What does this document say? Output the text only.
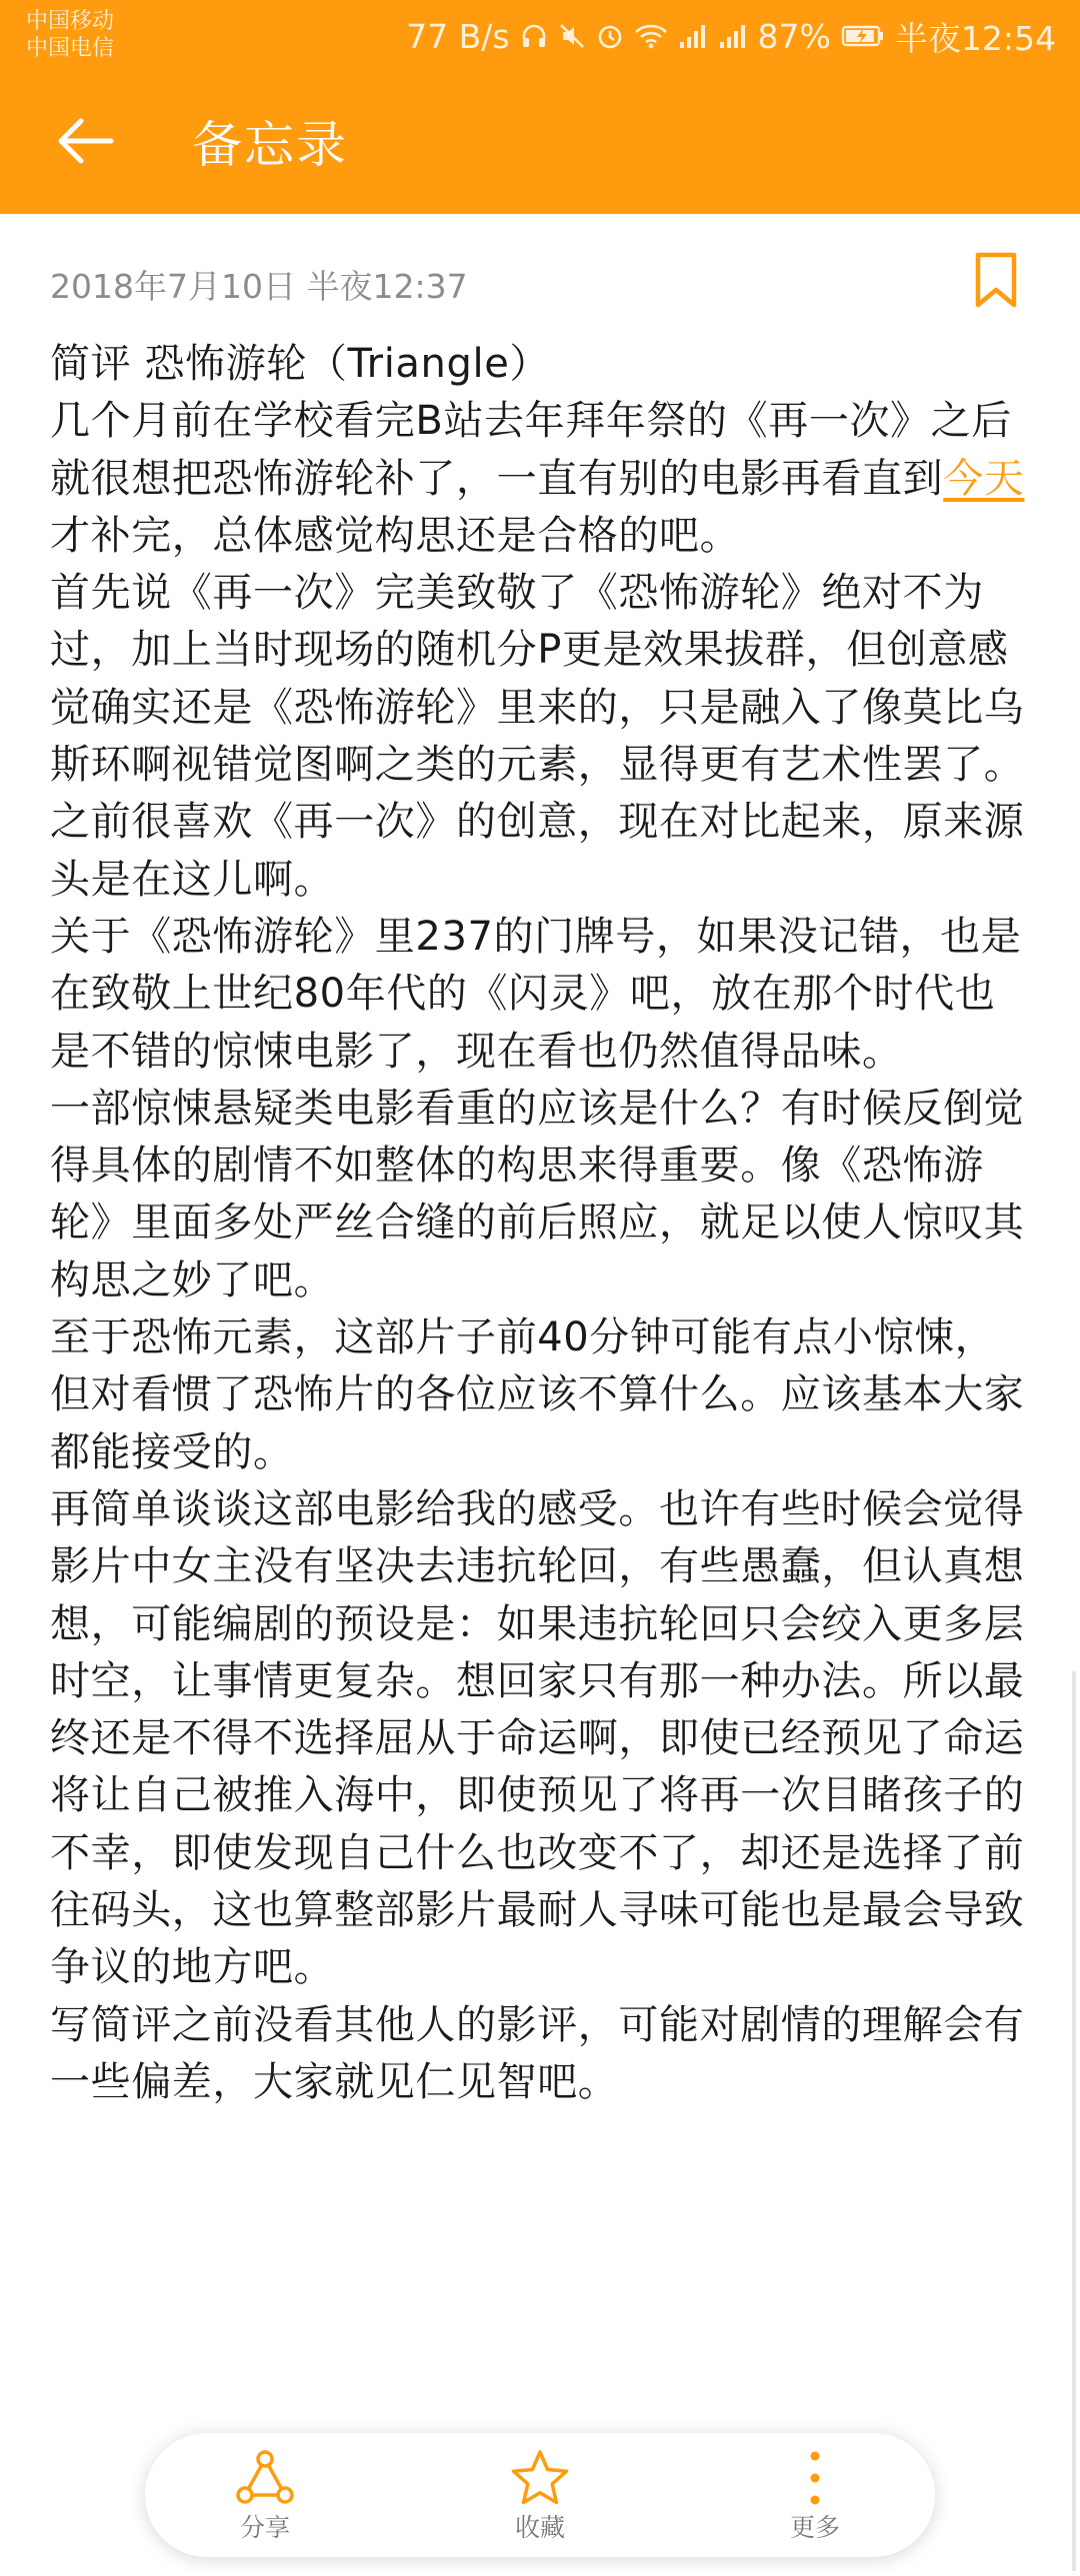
中国移动
中国电信	77 B/s	87% 半夜12:54
备忘录
2018年7月10日 半夜12:37

简评 恐怖游轮（Triangle）

几个月前在学校看完B站去年拜年祭的《再一次》之后就很想把恐怖游轮补了，一直有别的电影再看直到今天才补完，总体感觉构思还是合格的吧。

首先说《再一次》完美致敬了《恐怖游轮》绝对不为过，加上当时现场的随机分P更是效果拔群，但创意感觉确实还是《恐怖游轮》里来的，只是融入了像莫比乌斯环啊视错觉图啊之类的元素，显得更有艺术性罢了。之前很喜欢《再一次》的创意，现在对比起来，原来源头是在这儿啊。

关于《恐怖游轮》里237的门牌号，如果没记错，也是在致敬上世纪80年代的《闪灵》吧，放在那个时代也是不错的惊悚电影了，现在看也仍然值得品味。

一部惊悚悬疑类电影看重的应该是什么？有时候反倒觉得具体的剧情不如整体的构思来得重要。像《恐怖游轮》里面多处严丝合缝的前后照应，就足以使人惊叹其构思之妙了吧。

至于恐怖元素，这部片子前40分钟可能有点小惊悚，但对看惯了恐怖片的各位应该不算什么。应该基本大家都能接受的。

再简单谈谈这部电影给我的感受。也许有些时候会觉得影片中女主没有坚决去违抗轮回，有些愚蠢，但认真想想，可能编剧的预设是：如果违抗轮回只会绞入更多层时空，让事情更复杂。想回家只有那一种办法。所以最终还是不得不选择屈从于命运啊，即使已经预见了命运将让自己被推入海中，即使预见了将再一次目睹孩子的不幸，即使发现自己什么也改变不了，却还是选择了前往码头，这也算整部影片最耐人寻味可能也是最会导致争议的地方吧。

写简评之前没看其他人的影评，可能对剧情的理解会有一些偏差，大家就见仁见智吧。

分享	收藏	更多
